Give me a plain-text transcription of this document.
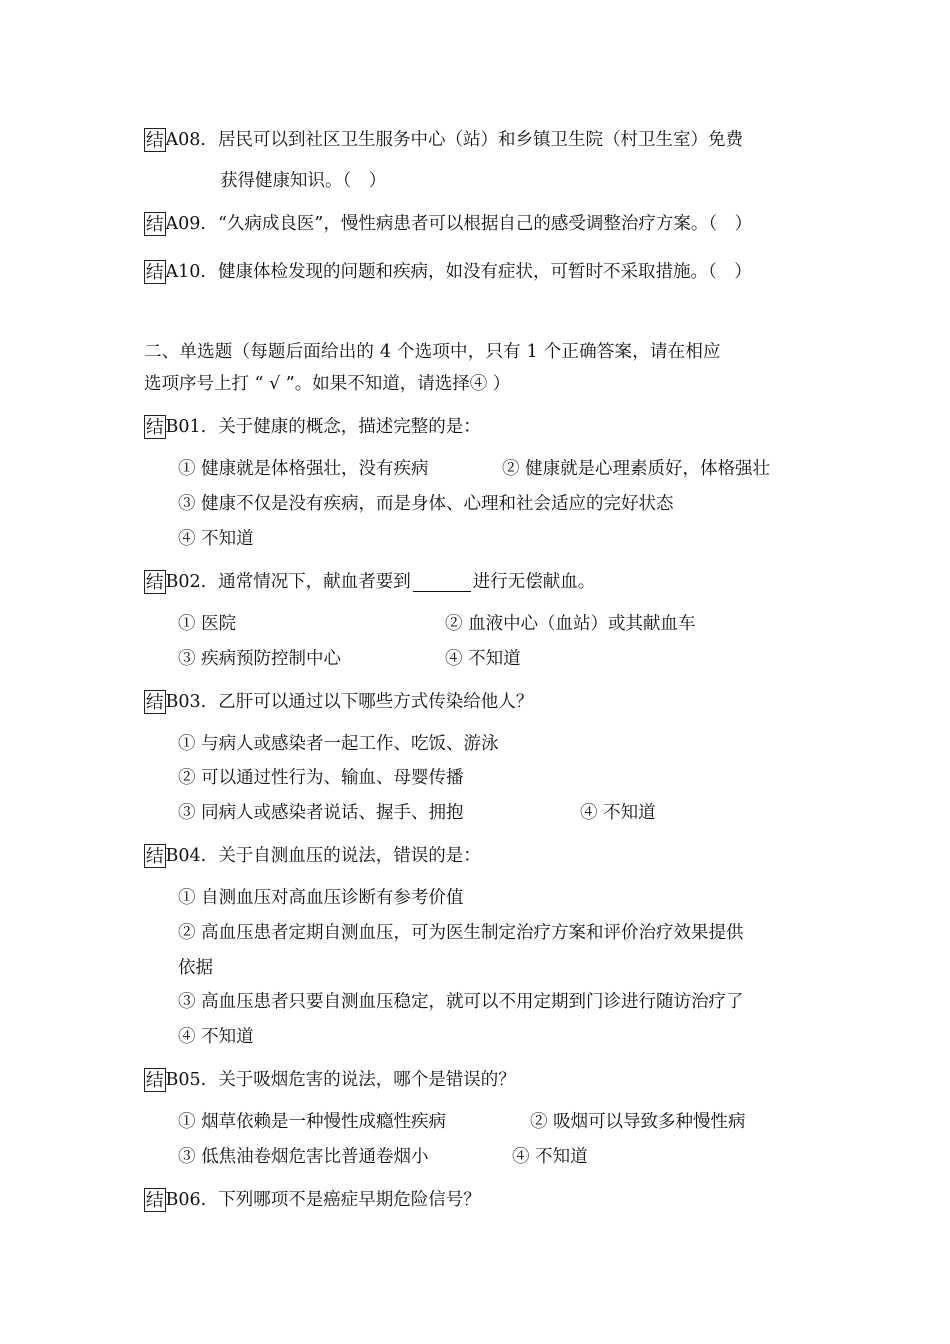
结 A08. 居民可以到社区卫生服务中心（站）和乡镇卫生院（村卫生室）免费
获得健康知识。（　）
结 A09. “久病成良医”，慢性病患者可以根据自己的感受调整治疗方案。（　）
结 A10. 健康体检发现的问题和疾病，如没有症状，可暂时不采取措施。（　）
二、单选题（每题后面给出的 4 个选项中，只有 1 个正确答案，请在相应
选项序号上打 “ √ ”。如果不知道，请选择④ ）
结 B01. 关于健康的概念，描述完整的是：
① 健康就是体格强壮，没有疾病	② 健康就是心理素质好，体格强壮
③ 健康不仅是没有疾病，而是身体、心理和社会适应的完好状态
④ 不知道
结 B02. 通常情况下，献血者要到	进行无偿献血。
① 医院	② 血液中心（血站）或其献血车
③ 疾病预防控制中心	④ 不知道
结 B03. 乙肝可以通过以下哪些方式传染给他人？
① 与病人或感染者一起工作、吃饭、游泳
② 可以通过性行为、输血、母婴传播
③ 同病人或感染者说话、握手、拥抱	④ 不知道
结 B04. 关于自测血压的说法，错误的是：
① 自测血压对高血压诊断有参考价值
② 高血压患者定期自测血压，可为医生制定治疗方案和评价治疗效果提供
依据
③ 高血压患者只要自测血压稳定，就可以不用定期到门诊进行随访治疗了
④ 不知道
结 B05. 关于吸烟危害的说法，哪个是错误的？
① 烟草依赖是一种慢性成瘾性疾病	② 吸烟可以导致多种慢性病
③ 低焦油卷烟危害比普通卷烟小	④ 不知道
结 B06. 下列哪项不是癌症早期危险信号？
